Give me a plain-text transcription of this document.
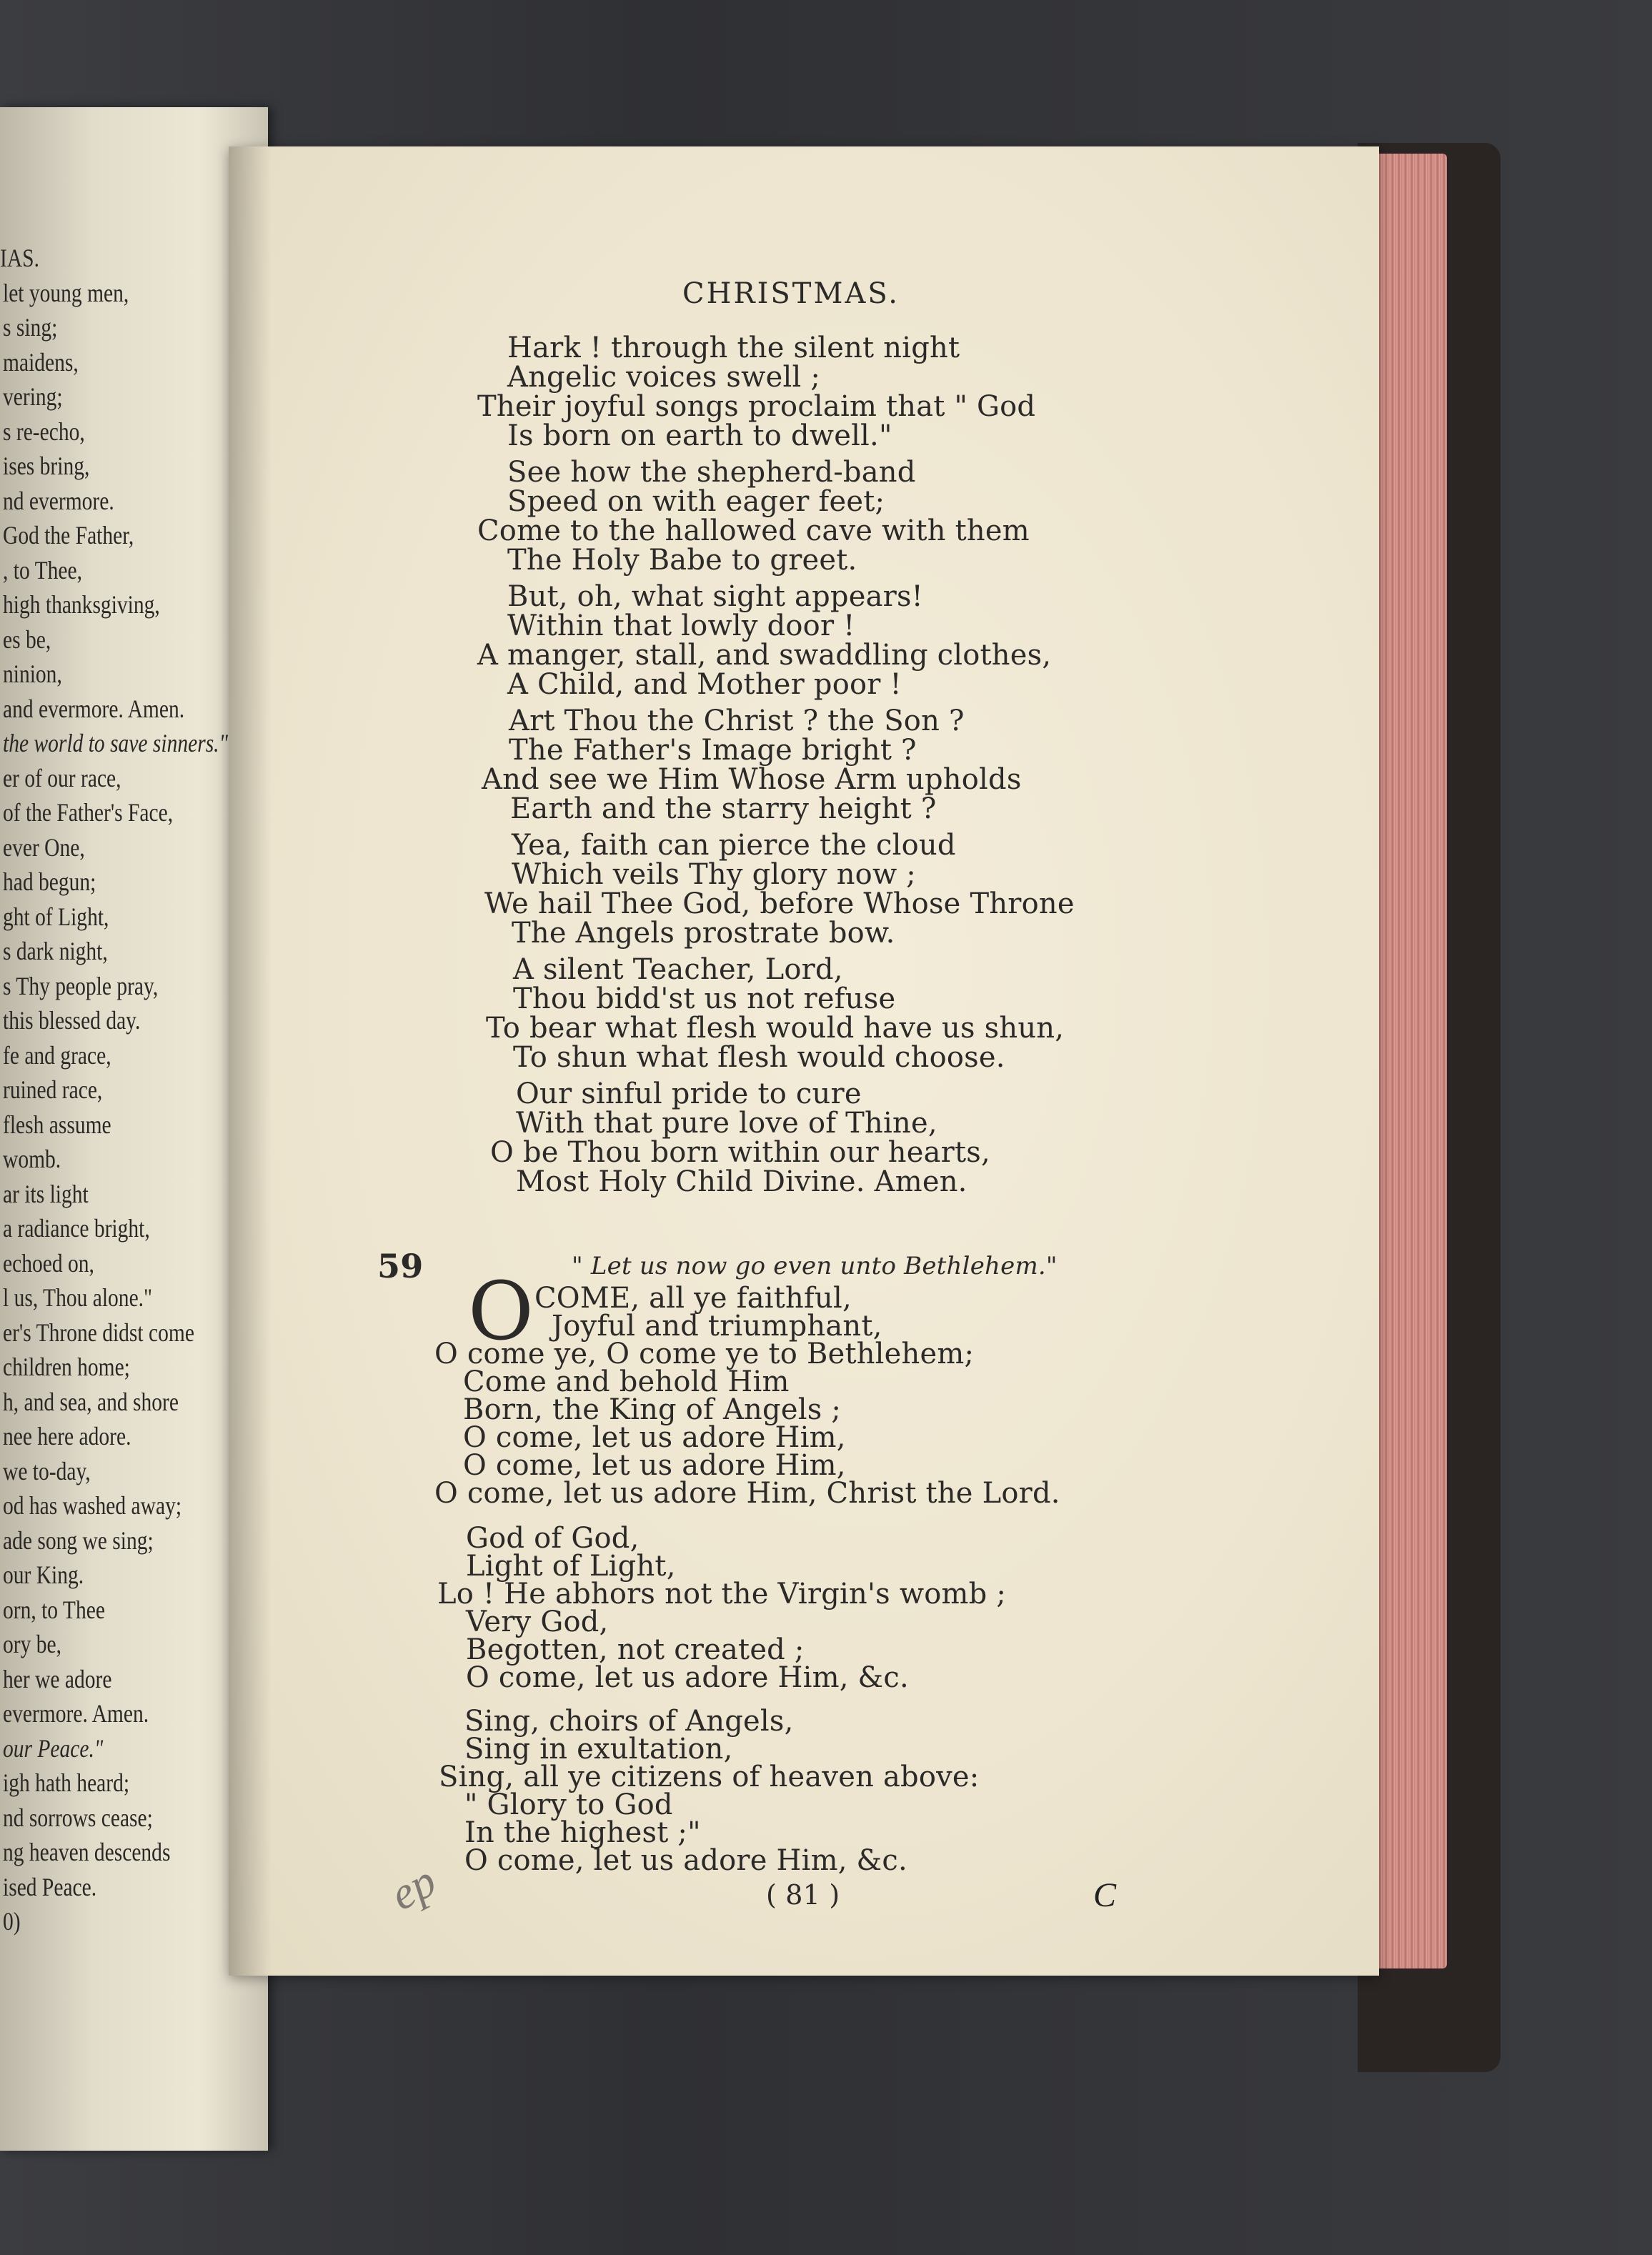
IAS.
let young men,
s sing;
maidens,
vering;
s re-echo,
ises bring,
nd evermore.
God the Father,
, to Thee,
high thanksgiving,
es be,
ninion,
and evermore. Amen.
the world to save sinners."
er of our race,
of the Father's Face,
ever One,
had begun;
ght of Light,
s dark night,
s Thy people pray,
this blessed day.
fe and grace,
ruined race,
flesh assume
womb.
ar its light
a radiance bright,
echoed on,
l us, Thou alone."
er's Throne didst come
children home;
h, and sea, and shore
nee here adore.
we to-day,
od has washed away;
ade song we sing;
our King.
orn, to Thee
ory be,
her we adore
evermore. Amen.
our Peace."
igh hath heard;
nd sorrows cease;
ng heaven descends
ised Peace.
0)
CHRISTMAS.
Hark ! through the silent night
Angelic voices swell ;
Their joyful songs proclaim that " God
Is born on earth to dwell."
See how the shepherd-band
Speed on with eager feet;
Come to the hallowed cave with them
The Holy Babe to greet.
But, oh, what sight appears!
Within that lowly door !
A manger, stall, and swaddling clothes,
A Child, and Mother poor !
Art Thou the Christ ? the Son ?
The Father's Image bright ?
And see we Him Whose Arm upholds
Earth and the starry height ?
Yea, faith can pierce the cloud
Which veils Thy glory now ;
We hail Thee God, before Whose Throne
The Angels prostrate bow.
A silent Teacher, Lord,
Thou bidd'st us not refuse
To bear what flesh would have us shun,
To shun what flesh would choose.
Our sinful pride to cure
With that pure love of Thine,
O be Thou born within our hearts,
Most Holy Child Divine. Amen.
59	" Let us now go even unto Bethlehem."
O COME, all ye faithful,
Joyful and triumphant,
O come ye, O come ye to Bethlehem;
Come and behold Him
Born, the King of Angels ;
O come, let us adore Him,
O come, let us adore Him,
O come, let us adore Him, Christ the Lord.
God of God,
Light of Light,
Lo ! He abhors not the Virgin's womb ;
Very God,
Begotten, not created ;
O come, let us adore Him, &c.
Sing, choirs of Angels,
Sing in exultation,
Sing, all ye citizens of heaven above:
" Glory to God
In the highest ;"
O come, let us adore Him, &c.
ep	( 81 )	C
